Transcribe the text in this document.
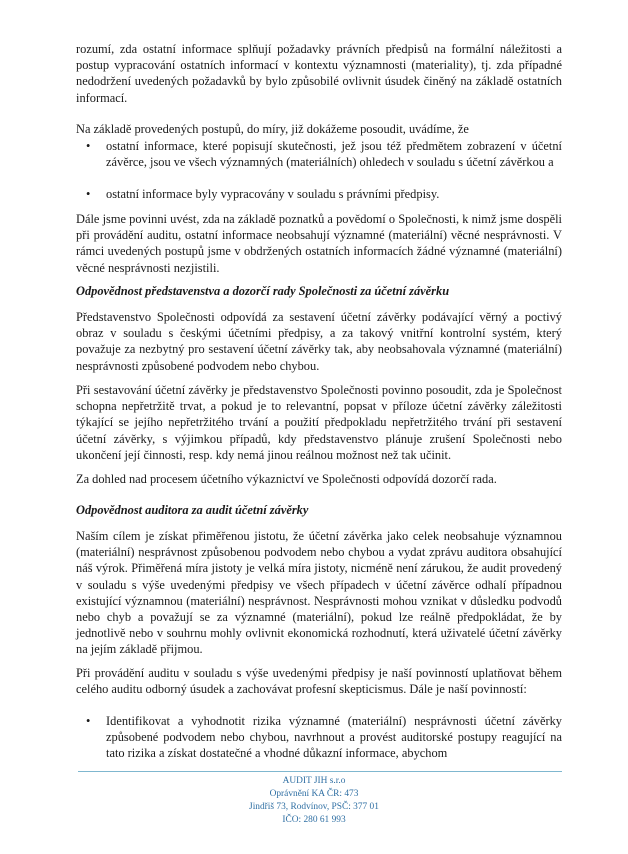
rozumí, zda ostatní informace splňují požadavky právních předpisů na formální náležitosti a postup vypracování ostatních informací v kontextu významnosti (materiality), tj. zda případné nedodržení uvedených požadavků by bylo způsobilé ovlivnit úsudek činěný na základě ostatních informací.

Na základě provedených postupů, do míry, již dokážeme posoudit, uvádíme, že

• ostatní informace, které popisují skutečnosti, jež jsou též předmětem zobrazení v účetní závěrce, jsou ve všech významných (materiálních) ohledech v souladu s účetní závěrkou a
• ostatní informace byly vypracovány v souladu s právními předpisy.

Dále jsme povinni uvést, zda na základě poznatků a povědomí o Společnosti, k nimž jsme dospěli při provádění auditu, ostatní informace neobsahují významné (materiální) věcné nesprávnosti. V rámci uvedených postupů jsme v obdržených ostatních informacích žádné významné (materiální) věcné nesprávnosti nezjistili.

Odpovědnost představenstva a dozorčí rady Společnosti za účetní závěrku

Představenstvo Společnosti odpovídá za sestavení účetní závěrky podávající věrný a poctivý obraz v souladu s českými účetními předpisy, a za takový vnitřní kontrolní systém, který považuje za nezbytný pro sestavení účetní závěrky tak, aby neobsahovala významné (materiální) nesprávnosti způsobené podvodem nebo chybou.

Při sestavování účetní závěrky je představenstvo Společnosti povinno posoudit, zda je Společnost schopna nepřetržitě trvat, a pokud je to relevantní, popsat v příloze účetní závěrky záležitosti týkající se jejího nepřetržitého trvání a použití předpokladu nepřetržitého trvání při sestavení účetní závěrky, s výjimkou případů, kdy představenstvo plánuje zrušení Společnosti nebo ukončení její činnosti, resp. kdy nemá jinou reálnou možnost než tak učinit.

Za dohled nad procesem účetního výkaznictví ve Společnosti odpovídá dozorčí rada.

Odpovědnost auditora za audit účetní závěrky

Naším cílem je získat přiměřenou jistotu, že účetní závěrka jako celek neobsahuje významnou (materiální) nesprávnost způsobenou podvodem nebo chybou a vydat zprávu auditora obsahující náš výrok. Přiměřená míra jistoty je velká míra jistoty, nicméně není zárukou, že audit provedený v souladu s výše uvedenými předpisy ve všech případech v účetní závěrce odhalí případnou existující významnou (materiální) nesprávnost. Nesprávnosti mohou vznikat v důsledku podvodů nebo chyb a považují se za významné (materiální), pokud lze reálně předpokládat, že by jednotlivě nebo v souhrnu mohly ovlivnit ekonomická rozhodnutí, která uživatelé účetní závěrky na jejím základě přijmou.

Při provádění auditu v souladu s výše uvedenými předpisy je naší povinností uplatňovat během celého auditu odborný úsudek a zachovávat profesní skepticismus. Dále je naší povinností:

• Identifikovat a vyhodnotit rizika významné (materiální) nesprávnosti účetní závěrky způsobené podvodem nebo chybou, navrhnout a provést auditorské postupy reagující na tato rizika a získat dostatečné a vhodné důkazní informace, abychom
AUDIT JIH s.r.o
Oprávnění KA ČR: 473
Jindřiš 73, Rodvínov, PSČ: 377 01
IČO: 280 61 993
